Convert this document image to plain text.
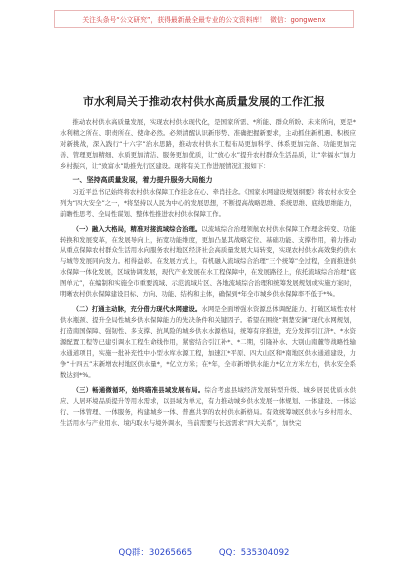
关注头条号“公文研究”，获得最新最全最专业的公文资料库！ 微信：gongwenx
市水利局关于推动农村供水高质量发展的工作汇报

推动农村供水高质量发展，实现农村供水现代化，是国家所需、*所能、群众所盼、未来所向，更是*水利精之所在、职责所在、使命必然。必须清醒认识新形势、准确把握新要求，主动抓住新机遇、积极应对新挑战，深入践行“十六字”治水思路，推动农村供水工程布局更加科学、体系更加完备、功能更加完善、管理更加精细、水质更加清洁、服务更加优质，让“放心水”提升农村群众生活品质，让“幸福水”加力乡村振兴，让“致富水”助推先行区建设。现将有关工作进展情况汇报如下：

一、坚持高质量发展，着力提升服务大局能力

习近平总书记始终将农村供水保障工作挂念在心、牵肖挂念。《国家水网建设规划纲要》将农村水安全列为“四大安全”之一，*将坚持以人民为中心的发展思想，不断提高战略思维、系统思维、底线思维能力，前瞻性思考、全局性谋划、整体性推进农村供水保障工作。

（一）融入大格局，精准对接流域综合治理。以流域综合治理领航农村供水保障工作理念转变、功能转换和发展变革，在发展导向上，拓宽功能维度，更加凸显其战略定位、基础功能、支撑作用，着力推动从重点保障农村群众生活用水向服务农村地区经济社会高质量发展大局转变，实现农村供水高效集约供水与城等发展同向发力。相得益彰。在发展方式上，有机融入流域综合治理“三个统筹”全过程，全面推进供水保障一体化发展，区域协调发展，现代产业发展在水工程保障中，在发展路径上，依托流域综合治理“底图单元”，在编制和实施全市重要流域、示范流域片区、各地流域综合治理和统筹发展规划或实施方案时，明晰农村供水保障建设目标、方向、功能、结构和主体，确保到*年全市城乡供水保障率不低于*%。

（二）打通主动脉，充分借力现代水网建设。水网是全面增强水资源总体调配能力、打破区域性农村供水瓶颈、提升全局性城乡供水保障能力的先决条件和关键因子。希望在围绕“荆楚安澜”现代水网规划，打造南国保障、强韧性、多支撑、抗风险的城乡供水水源格局，统筹有序推进，充分发挥引江济*、*水资源配置工程等已建引调水工程生命线作用，紧密结合引江补*、*二期，引隆补水、大别山南麓等战略性输水通道项目，实施一批补充性中小型水库水源工程，加速江*平原、四大山区和*南地区供水通道建设，力争“十四五”末新增农村地区供水量*，*亿立方米；在*年，全市新增供水能力*亿立方米左右，供水安全系数达到*%。

（三）畅通微循环，始终瞄准县域发展布局。综合考虑县域经济发展转型升级、城乡居民优质水供应、人居环境品质提升等用水需求，以县域为单元，有力推动城乡供水发展一体规划、一体建设、一体运行、一体管理、一体服务，构建城乡一体、普惠共享的农村供水新格局。有效统筹城区供水与乡村用水、生活用水与产业用水、境内取水与境外调水，当前需要与长远需求“四大关系”，加快完

QQ群：30265665	QQ：535304092
